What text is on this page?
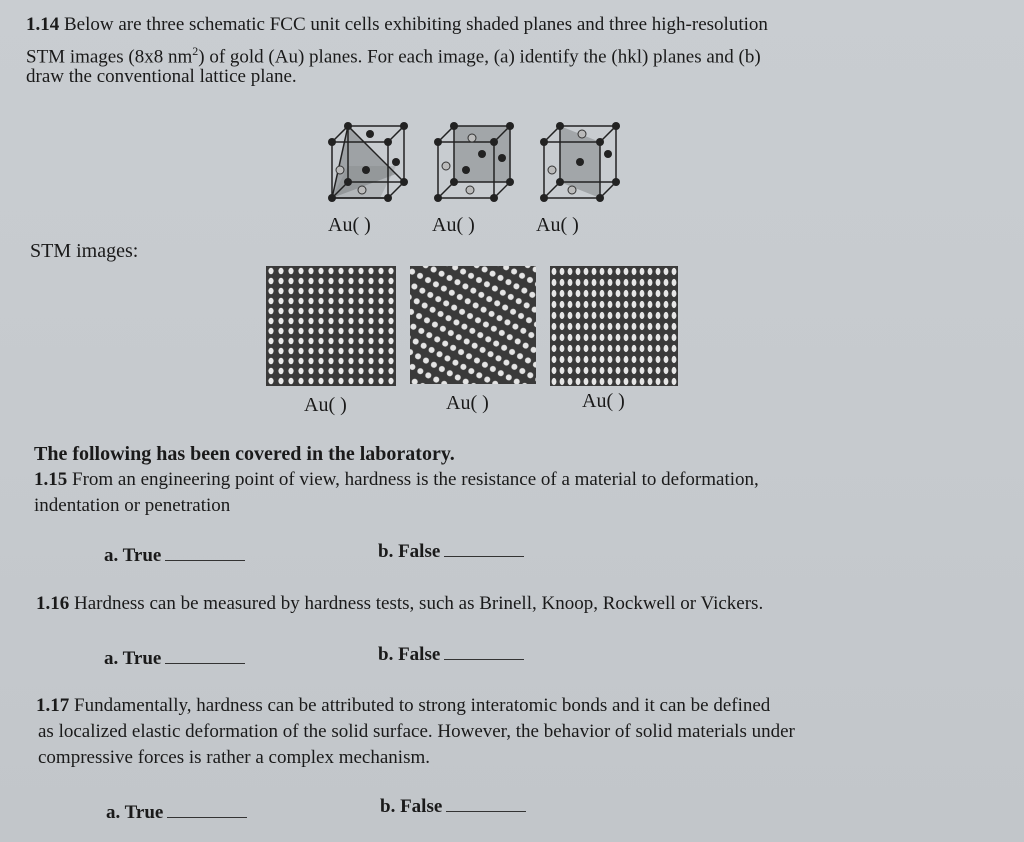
1.14 Below are three schematic FCC unit cells exhibiting shaded planes and three high-resolution
STM images (8x8 $nm^2$) of gold (Au) planes. For each image, (a) identify the (hkl) planes and (b)
draw the conventional lattice plane.
Au( )	Au( )	Au( )
STM images:
Au( )	Au( )	Au( )
The following has been covered in the laboratory.
1.15 From an engineering point of view, hardness is the resistance of a material to deformation,
indentation or penetration
a. True	b. False
1.16 Hardness can be measured by hardness tests, such as Brinell, Knoop, Rockwell or Vickers.
a. True	b. False
1.17 Fundamentally, hardness can be attributed to strong interatomic bonds and it can be defined
as localized elastic deformation of the solid surface. However, the behavior of solid materials under
compressive forces is rather a complex mechanism.
a. True	b. False
